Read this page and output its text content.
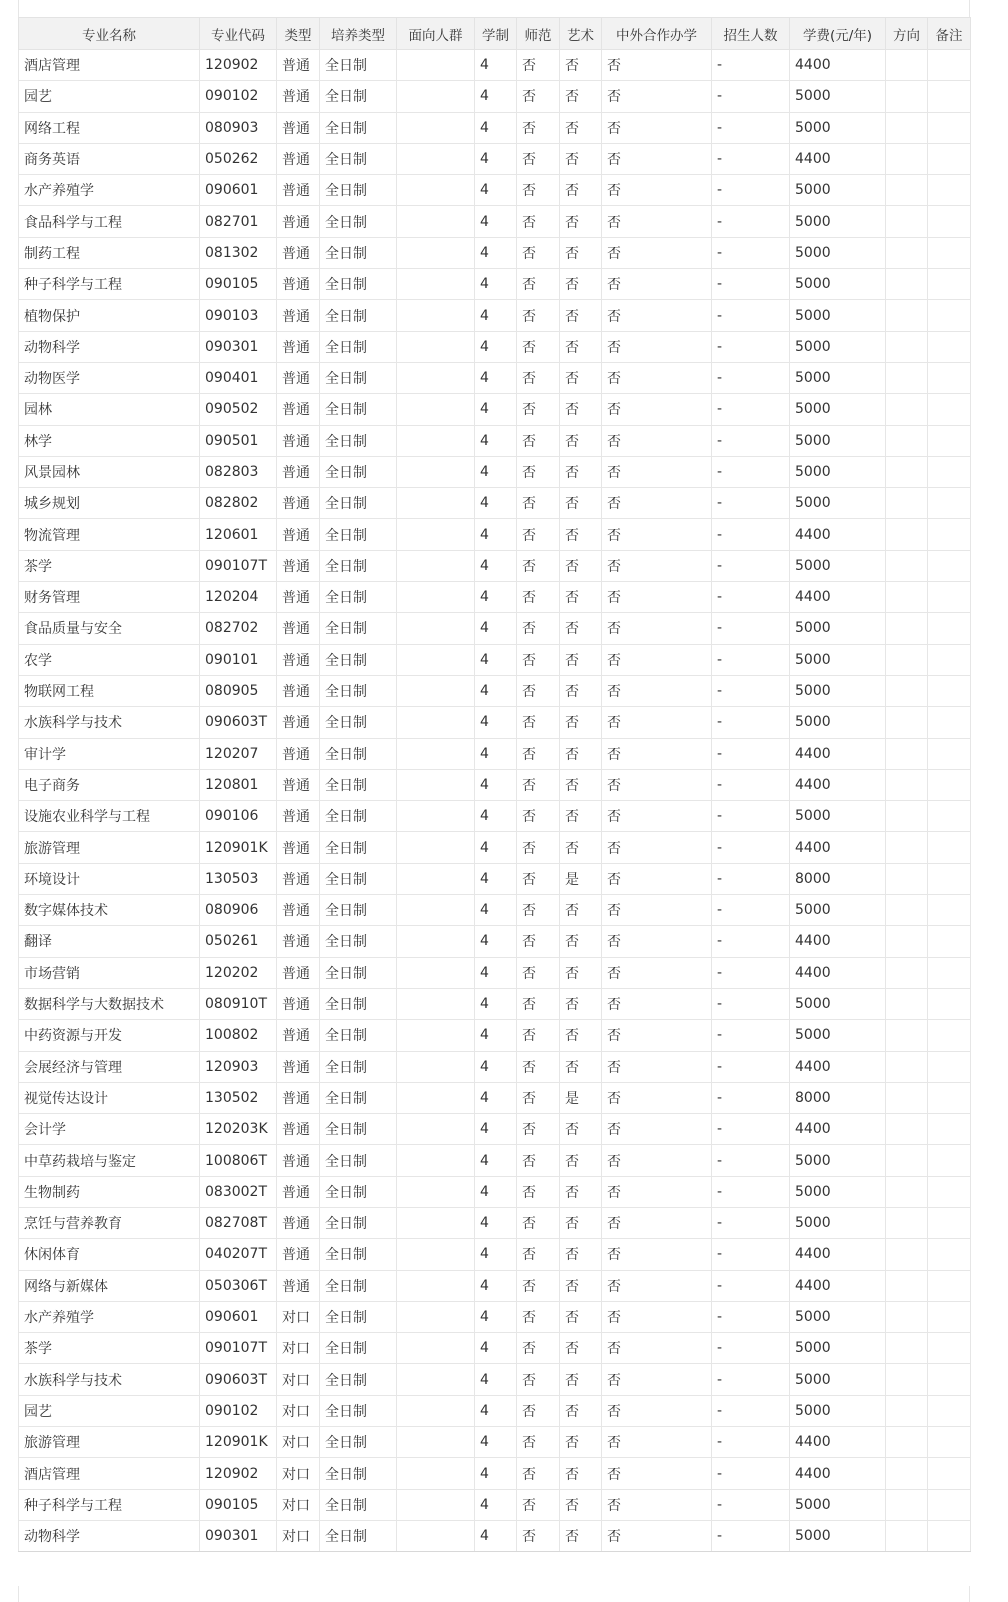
专业名称	专业代码	类型	培养类型	面向人群	学制	师范	艺术	中外合作办学	招生人数	学费(元/年)	方向	备注
酒店管理	120902	普通	全日制		4	否	否	否	-	4400		
园艺	090102	普通	全日制		4	否	否	否	-	5000		
网络工程	080903	普通	全日制		4	否	否	否	-	5000		
商务英语	050262	普通	全日制		4	否	否	否	-	4400		
水产养殖学	090601	普通	全日制		4	否	否	否	-	5000		
食品科学与工程	082701	普通	全日制		4	否	否	否	-	5000		
制药工程	081302	普通	全日制		4	否	否	否	-	5000		
种子科学与工程	090105	普通	全日制		4	否	否	否	-	5000		
植物保护	090103	普通	全日制		4	否	否	否	-	5000		
动物科学	090301	普通	全日制		4	否	否	否	-	5000		
动物医学	090401	普通	全日制		4	否	否	否	-	5000		
园林	090502	普通	全日制		4	否	否	否	-	5000		
林学	090501	普通	全日制		4	否	否	否	-	5000		
风景园林	082803	普通	全日制		4	否	否	否	-	5000		
城乡规划	082802	普通	全日制		4	否	否	否	-	5000		
物流管理	120601	普通	全日制		4	否	否	否	-	4400		
茶学	090107T	普通	全日制		4	否	否	否	-	5000		
财务管理	120204	普通	全日制		4	否	否	否	-	4400		
食品质量与安全	082702	普通	全日制		4	否	否	否	-	5000		
农学	090101	普通	全日制		4	否	否	否	-	5000		
物联网工程	080905	普通	全日制		4	否	否	否	-	5000		
水族科学与技术	090603T	普通	全日制		4	否	否	否	-	5000		
审计学	120207	普通	全日制		4	否	否	否	-	4400		
电子商务	120801	普通	全日制		4	否	否	否	-	4400		
设施农业科学与工程	090106	普通	全日制		4	否	否	否	-	5000		
旅游管理	120901K	普通	全日制		4	否	否	否	-	4400		
环境设计	130503	普通	全日制		4	否	是	否	-	8000		
数字媒体技术	080906	普通	全日制		4	否	否	否	-	5000		
翻译	050261	普通	全日制		4	否	否	否	-	4400		
市场营销	120202	普通	全日制		4	否	否	否	-	4400		
数据科学与大数据技术	080910T	普通	全日制		4	否	否	否	-	5000		
中药资源与开发	100802	普通	全日制		4	否	否	否	-	5000		
会展经济与管理	120903	普通	全日制		4	否	否	否	-	4400		
视觉传达设计	130502	普通	全日制		4	否	是	否	-	8000		
会计学	120203K	普通	全日制		4	否	否	否	-	4400		
中草药栽培与鉴定	100806T	普通	全日制		4	否	否	否	-	5000		
生物制药	083002T	普通	全日制		4	否	否	否	-	5000		
烹饪与营养教育	082708T	普通	全日制		4	否	否	否	-	5000		
休闲体育	040207T	普通	全日制		4	否	否	否	-	4400		
网络与新媒体	050306T	普通	全日制		4	否	否	否	-	4400		
水产养殖学	090601	对口	全日制		4	否	否	否	-	5000		
茶学	090107T	对口	全日制		4	否	否	否	-	5000		
水族科学与技术	090603T	对口	全日制		4	否	否	否	-	5000		
园艺	090102	对口	全日制		4	否	否	否	-	5000		
旅游管理	120901K	对口	全日制		4	否	否	否	-	4400		
酒店管理	120902	对口	全日制		4	否	否	否	-	4400		
种子科学与工程	090105	对口	全日制		4	否	否	否	-	5000		
动物科学	090301	对口	全日制		4	否	否	否	-	5000		
